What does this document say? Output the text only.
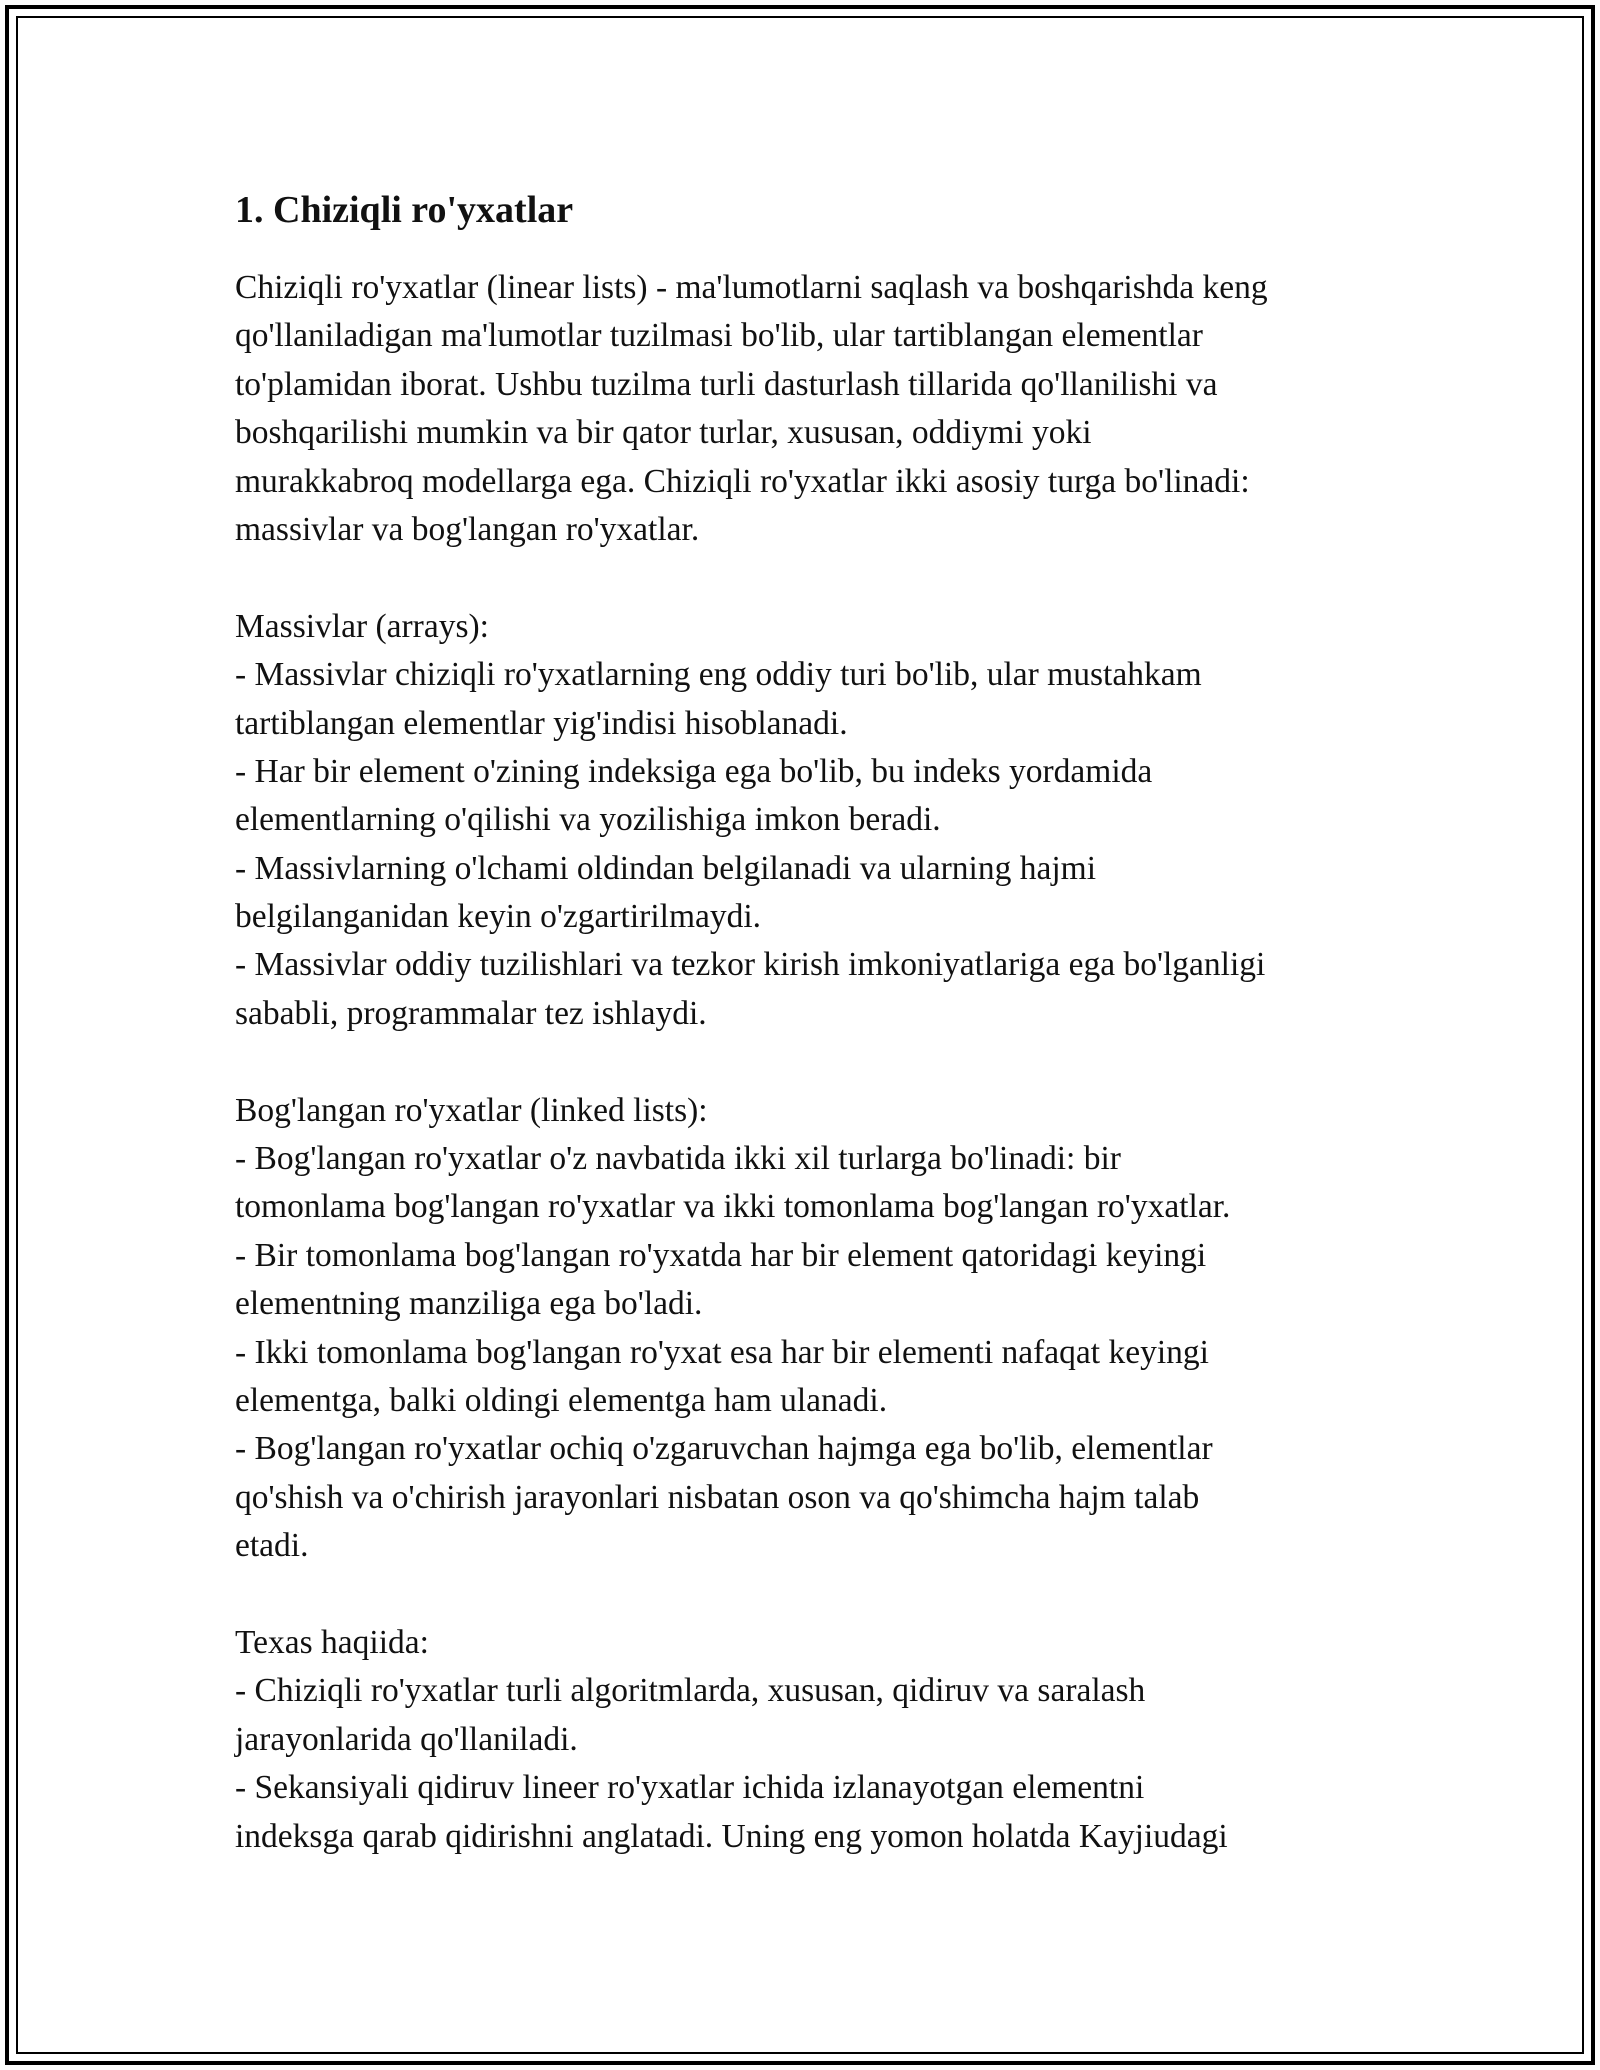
1. Chiziqli ro'yxatlar
Chiziqli ro'yxatlar (linear lists) - ma'lumotlarni saqlash va boshqarishda keng
qo'llaniladigan ma'lumotlar tuzilmasi bo'lib, ular tartiblangan elementlar
to'plamidan iborat. Ushbu tuzilma turli dasturlash tillarida qo'llanilishi va
boshqarilishi mumkin va bir qator turlar, xususan, oddiymi yoki
murakkabroq modellarga ega. Chiziqli ro'yxatlar ikki asosiy turga bo'linadi:
massivlar va bog'langan ro'yxatlar.
Massivlar (arrays):
- Massivlar chiziqli ro'yxatlarning eng oddiy turi bo'lib, ular mustahkam
tartiblangan elementlar yig'indisi hisoblanadi.
- Har bir element o'zining indeksiga ega bo'lib, bu indeks yordamida
elementlarning o'qilishi va yozilishiga imkon beradi.
- Massivlarning o'lchami oldindan belgilanadi va ularning hajmi
belgilanganidan keyin o'zgartirilmaydi.
- Massivlar oddiy tuzilishlari va tezkor kirish imkoniyatlariga ega bo'lganligi
sababli, programmalar tez ishlaydi.
Bog'langan ro'yxatlar (linked lists):
- Bog'langan ro'yxatlar o'z navbatida ikki xil turlarga bo'linadi: bir
tomonlama bog'langan ro'yxatlar va ikki tomonlama bog'langan ro'yxatlar.
- Bir tomonlama bog'langan ro'yxatda har bir element qatoridagi keyingi
elementning manziliga ega bo'ladi.
- Ikki tomonlama bog'langan ro'yxat esa har bir elementi nafaqat keyingi
elementga, balki oldingi elementga ham ulanadi.
- Bog'langan ro'yxatlar ochiq o'zgaruvchan hajmga ega bo'lib, elementlar
qo'shish va o'chirish jarayonlari nisbatan oson va qo'shimcha hajm talab
etadi.
Texas haqiida:
- Chiziqli ro'yxatlar turli algoritmlarda, xususan, qidiruv va saralash
jarayonlarida qo'llaniladi.
- Sekansiyali qidiruv lineer ro'yxatlar ichida izlanayotgan elementni
indeksga qarab qidirishni anglatadi. Uning eng yomon holatda Kayjiudagi
